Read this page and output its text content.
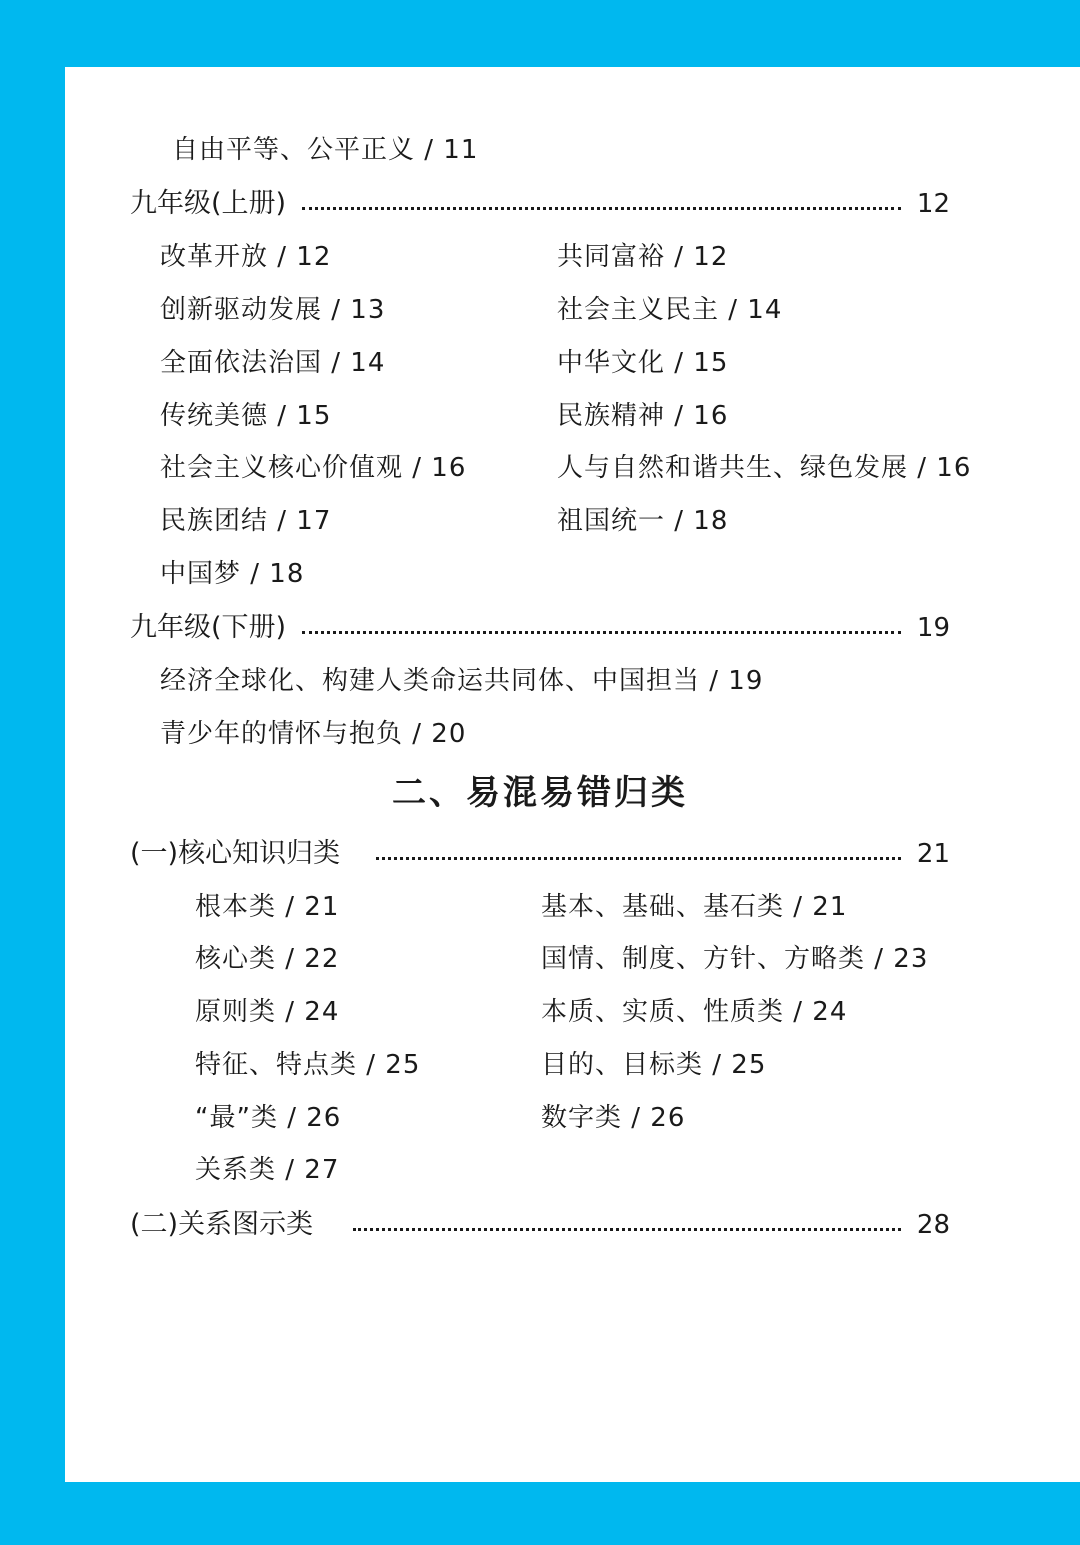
自由平等、公平正义 / 11
九年级(上册)	12
改革开放 / 12	共同富裕 / 12
创新驱动发展 / 13	社会主义民主 / 14
全面依法治国 / 14	中华文化 / 15
传统美德 / 15	民族精神 / 16
社会主义核心价值观 / 16	人与自然和谐共生、绿色发展 / 16
民族团结 / 17	祖国统一 / 18
中国梦 / 18
九年级(下册)	19
经济全球化、构建人类命运共同体、中国担当 / 19
青少年的情怀与抱负 / 20
二、易混易错归类
(一)核心知识归类	21
根本类 / 21	基本、基础、基石类 / 21
核心类 / 22	国情、制度、方针、方略类 / 23
原则类 / 24	本质、实质、性质类 / 24
特征、特点类 / 25	目的、目标类 / 25
“最”类 / 26	数字类 / 26
关系类 / 27
(二)关系图示类	28
